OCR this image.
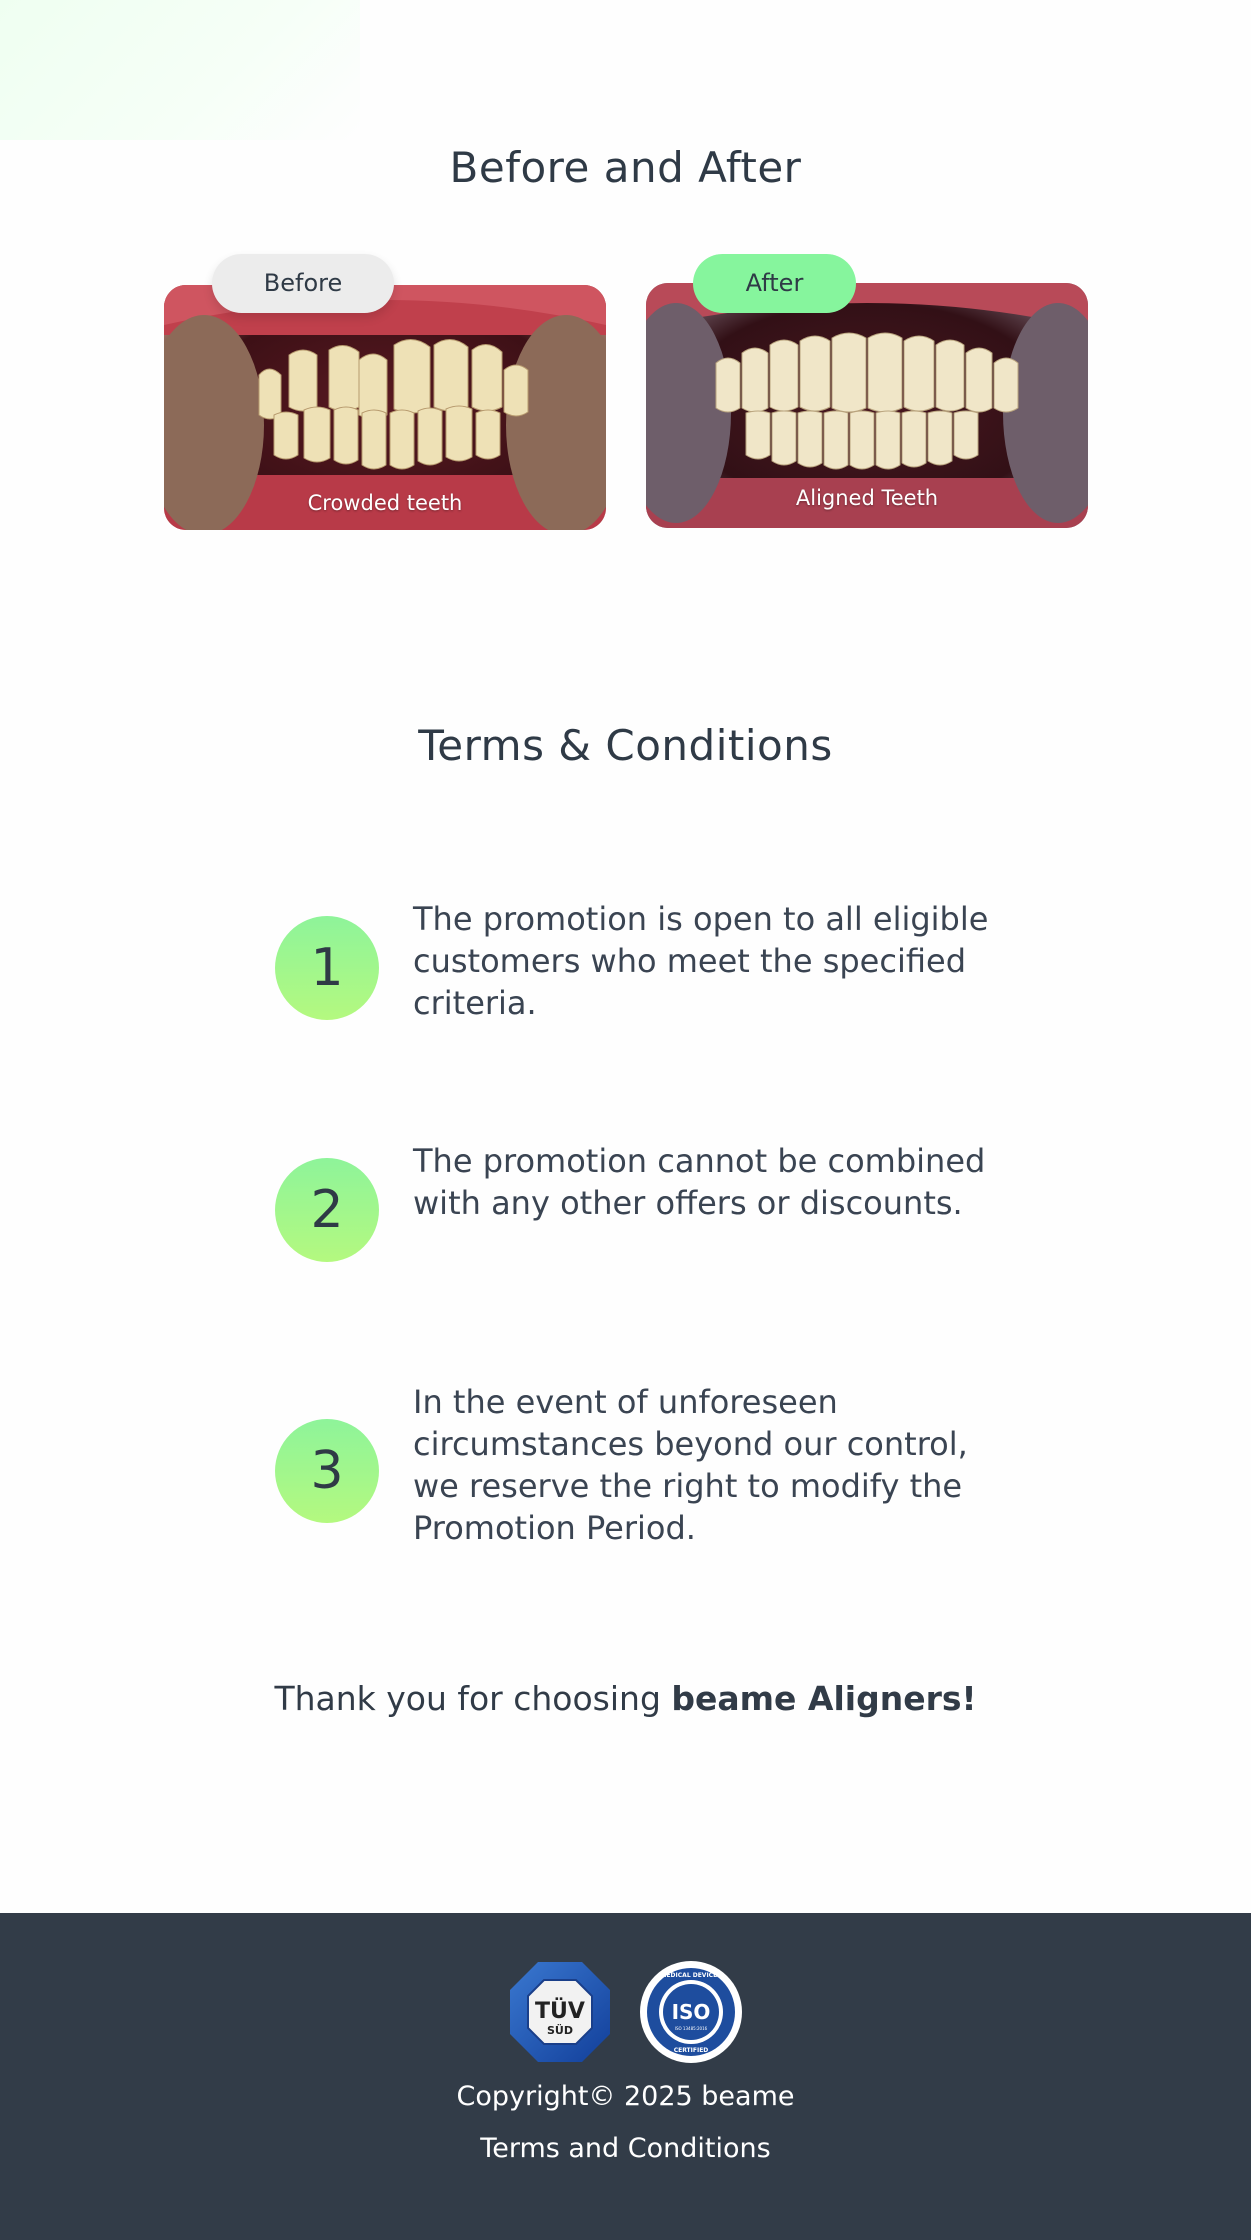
Before and After
Crowded teeth	Aligned Teeth
Before	After
Terms & Conditions
1
The promotion is open to all eligible customers who meet the specified criteria.
2
The promotion cannot be combined with any other offers or discounts.
3
In the event of unforeseen circumstances beyond our control, we reserve the right to modify the Promotion Period.
Thank you for choosing beame Aligners!
TÜV
SÜD

ISO
ISO 13485:2016
MEDICAL DEVICES
CERTIFIED
Copyright© 2025 beame
Terms and Conditions
